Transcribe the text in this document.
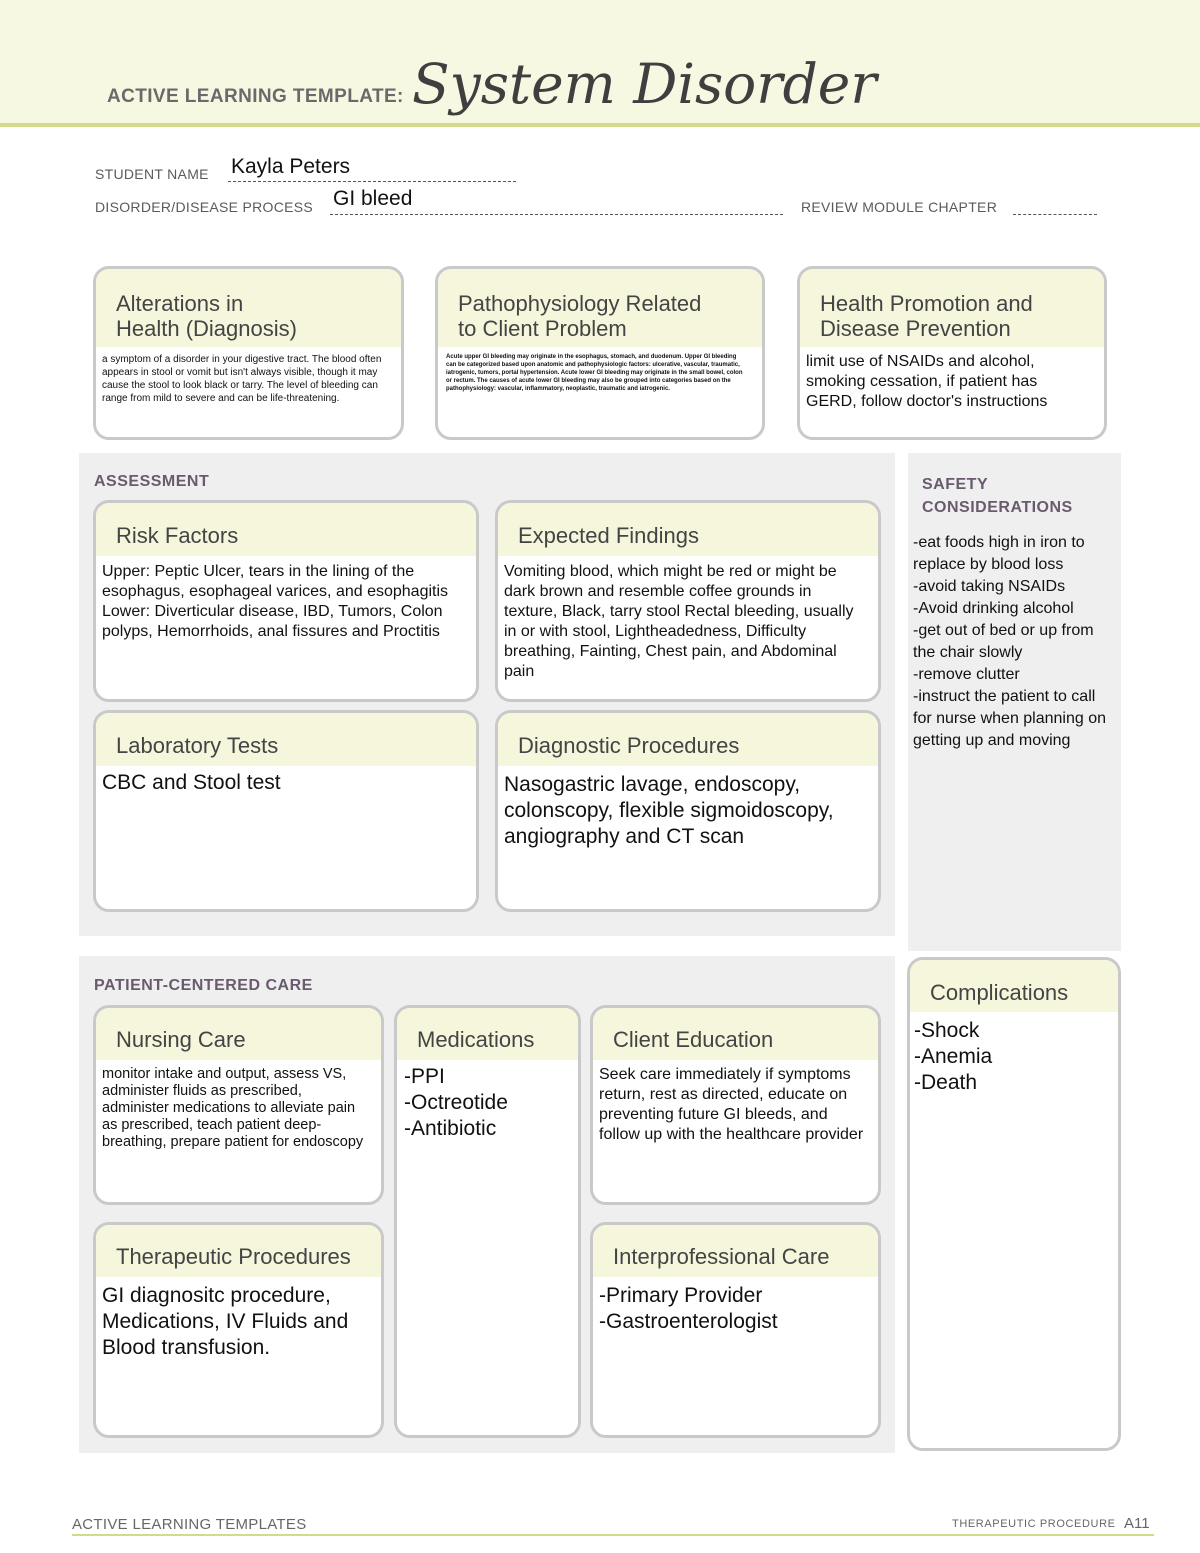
ACTIVE LEARNING TEMPLATE: System Disorder
STUDENT NAME Kayla Peters
DISORDER/DISEASE PROCESS GI bleed	REVIEW MODULE CHAPTER
Alterations in
Health (Diagnosis)
a symptom of a disorder in your digestive tract. The blood often appears in stool or vomit but isn't always visible, though it may cause the stool to look black or tarry. The level of bleeding can range from mild to severe and can be life-threatening.
Pathophysiology Related
to Client Problem
Acute upper GI bleeding may originate in the esophagus, stomach, and duodenum. Upper GI bleeding can be categorized based upon anatomic and pathophysiologic factors: ulcerative, vascular, traumatic, iatrogenic, tumors, portal hypertension. Acute lower GI bleeding may originate in the small bowel, colon or rectum. The causes of acute lower GI bleeding may also be grouped into categories based on the pathophysiology: vascular, inflammatory, neoplastic, traumatic and iatrogenic.
Health Promotion and
Disease Prevention
limit use of NSAIDs and alcohol, smoking cessation, if patient has GERD, follow doctor's instructions
ASSESSMENT
Risk Factors
Upper: Peptic Ulcer, tears in the lining of the esophagus, esophageal varices, and esophagitis
Lower: Diverticular disease, IBD, Tumors, Colon polyps, Hemorrhoids, anal fissures and Proctitis
Expected Findings
Vomiting blood, which might be red or might be dark brown and resemble coffee grounds in texture, Black, tarry stool Rectal bleeding, usually in or with stool, Lightheadedness, Difficulty breathing, Fainting, Chest pain, and Abdominal pain
Laboratory Tests
CBC and Stool test
Diagnostic Procedures
Nasogastric lavage, endoscopy, colonscopy, flexible sigmoidoscopy, angiography and CT scan
SAFETY
CONSIDERATIONS
-eat foods high in iron to replace by blood loss
-avoid taking NSAIDs
-Avoid drinking alcohol
-get out of bed or up from the chair slowly
-remove clutter
-instruct the patient to call for nurse when planning on getting up and moving
PATIENT-CENTERED CARE
Nursing Care
monitor intake and output, assess VS, administer fluids as prescribed, administer medications to alleviate pain as prescribed, teach patient deep-breathing, prepare patient for endoscopy
Medications
-PPI
-Octreotide
-Antibiotic
Client Education
Seek care immediately if symptoms return, rest as directed, educate on preventing future GI bleeds, and follow up with the healthcare provider
Therapeutic Procedures
GI diagnositc procedure, Medications, IV Fluids and Blood transfusion.
Interprofessional Care
-Primary Provider
-Gastroenterologist
Complications
-Shock
-Anemia
-Death
ACTIVE LEARNING TEMPLATES	THERAPEUTIC PROCEDURE A11
